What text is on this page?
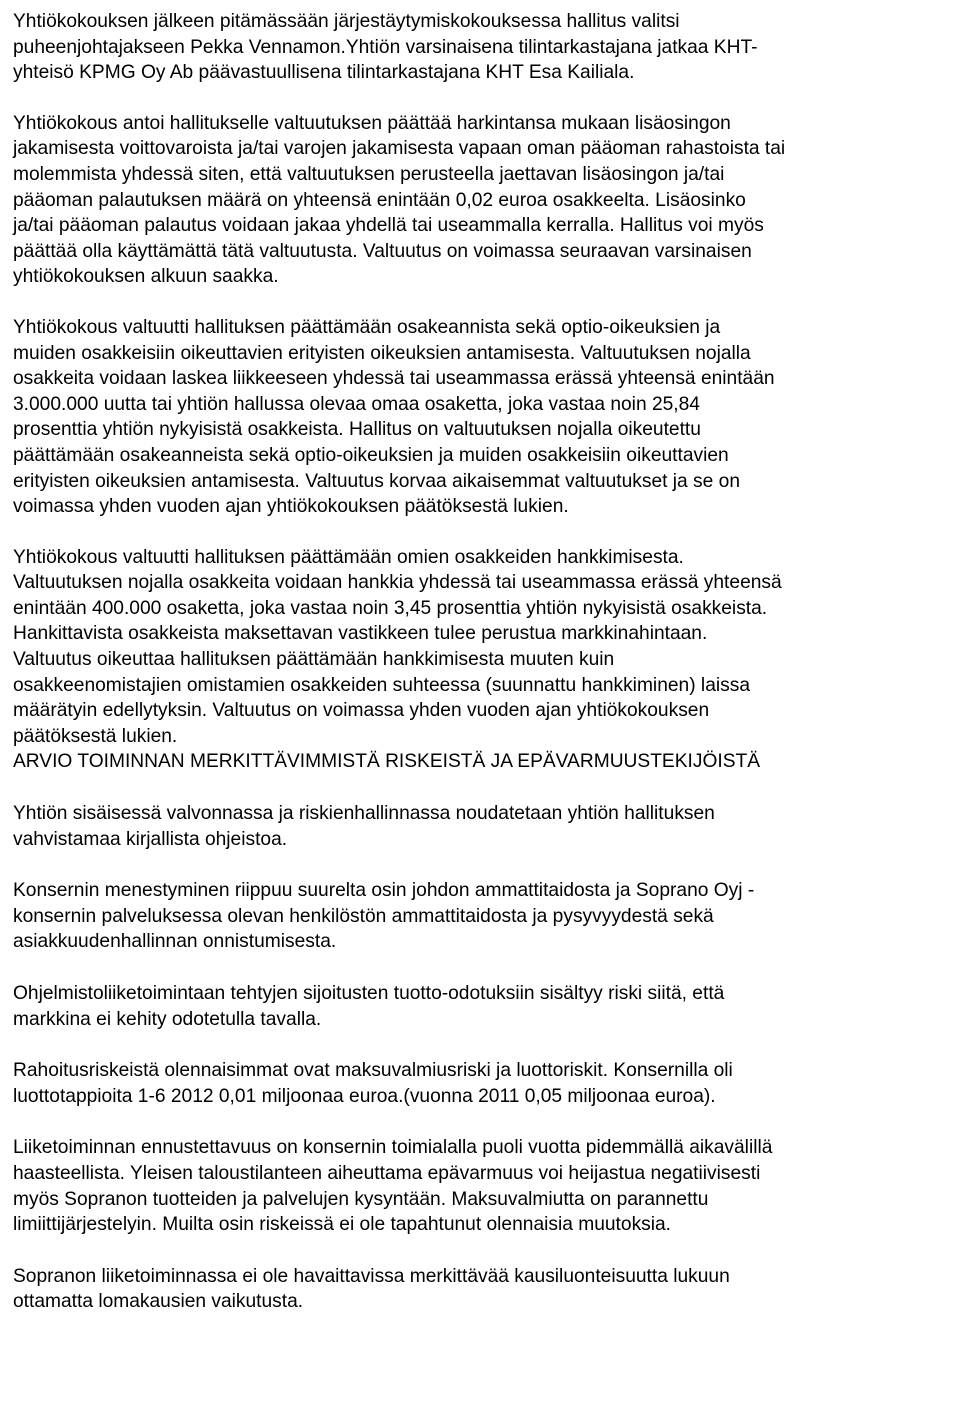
Yhtiökokouksen jälkeen pitämässään järjestäytymiskokouksessa hallitus valitsi
puheenjohtajakseen Pekka Vennamon.Yhtiön varsinaisena tilintarkastajana jatkaa KHT-
yhteisö KPMG Oy Ab päävastuullisena tilintarkastajana KHT Esa Kailiala.

Yhtiökokous antoi hallitukselle valtuutuksen päättää harkintansa mukaan lisäosingon
jakamisesta voittovaroista ja/tai varojen jakamisesta vapaan oman pääoman rahastoista tai
molemmista yhdessä siten, että valtuutuksen perusteella jaettavan lisäosingon ja/tai
pääoman palautuksen määrä on yhteensä enintään 0,02 euroa osakkeelta. Lisäosinko
ja/tai pääoman palautus voidaan jakaa yhdellä tai useammalla kerralla. Hallitus voi myös
päättää olla käyttämättä tätä valtuutusta. Valtuutus on voimassa seuraavan varsinaisen
yhtiökokouksen alkuun saakka.

Yhtiökokous valtuutti hallituksen päättämään osakeannista sekä optio-oikeuksien ja
muiden osakkeisiin oikeuttavien erityisten oikeuksien antamisesta. Valtuutuksen nojalla
osakkeita voidaan laskea liikkeeseen yhdessä tai useammassa erässä yhteensä enintään
3.000.000 uutta tai yhtiön hallussa olevaa omaa osaketta, joka vastaa noin 25,84
prosenttia yhtiön nykyisistä osakkeista. Hallitus on valtuutuksen nojalla oikeutettu
päättämään osakeanneista sekä optio-oikeuksien ja muiden osakkeisiin oikeuttavien
erityisten oikeuksien antamisesta. Valtuutus korvaa aikaisemmat valtuutukset ja se on
voimassa yhden vuoden ajan yhtiökokouksen päätöksestä lukien.

Yhtiökokous valtuutti hallituksen päättämään omien osakkeiden hankkimisesta.
Valtuutuksen nojalla osakkeita voidaan hankkia yhdessä tai useammassa erässä yhteensä
enintään 400.000 osaketta, joka vastaa noin 3,45 prosenttia yhtiön nykyisistä osakkeista.
Hankittavista osakkeista maksettavan vastikkeen tulee perustua markkinahintaan.
Valtuutus oikeuttaa hallituksen päättämään hankkimisesta muuten kuin
osakkeenomistajien omistamien osakkeiden suhteessa (suunnattu hankkiminen) laissa
määrätyin edellytyksin. Valtuutus on voimassa yhden vuoden ajan yhtiökokouksen
päätöksestä lukien.

ARVIO TOIMINNAN MERKITTÄVIMMISTÄ RISKEISTÄ JA EPÄVARMUUSTEKIJÖISTÄ

Yhtiön sisäisessä valvonnassa ja riskienhallinnassa noudatetaan yhtiön hallituksen
vahvistamaa kirjallista ohjeistoa.

Konsernin menestyminen riippuu suurelta osin johdon ammattitaidosta ja Soprano Oyj -
konsernin palveluksessa olevan henkilöstön ammattitaidosta ja pysyvyydestä sekä
asiakkuudenhallinnan onnistumisesta.

Ohjelmistoliiketoimintaan tehtyjen sijoitusten tuotto-odotuksiin sisältyy riski siitä, että
markkina ei kehity odotetulla tavalla.

Rahoitusriskeistä olennaisimmat ovat maksuvalmiusriski ja luottoriskit. Konsernilla oli
luottotappioita 1-6 2012 0,01 miljoonaa euroa.(vuonna 2011 0,05 miljoonaa euroa).

Liiketoiminnan ennustettavuus on konsernin toimialalla puoli vuotta pidemmällä aikavälillä
haasteellista. Yleisen taloustilanteen aiheuttama epävarmuus voi heijastua negatiivisesti
myös Sopranon tuotteiden ja palvelujen kysyntään. Maksuvalmiutta on parannettu
limiittijärjestelyin. Muilta osin riskeissä ei ole tapahtunut olennaisia muutoksia.

Sopranon liiketoiminnassa ei ole havaittavissa merkittävää kausiluonteisuutta lukuun
ottamatta lomakausien vaikutusta.
